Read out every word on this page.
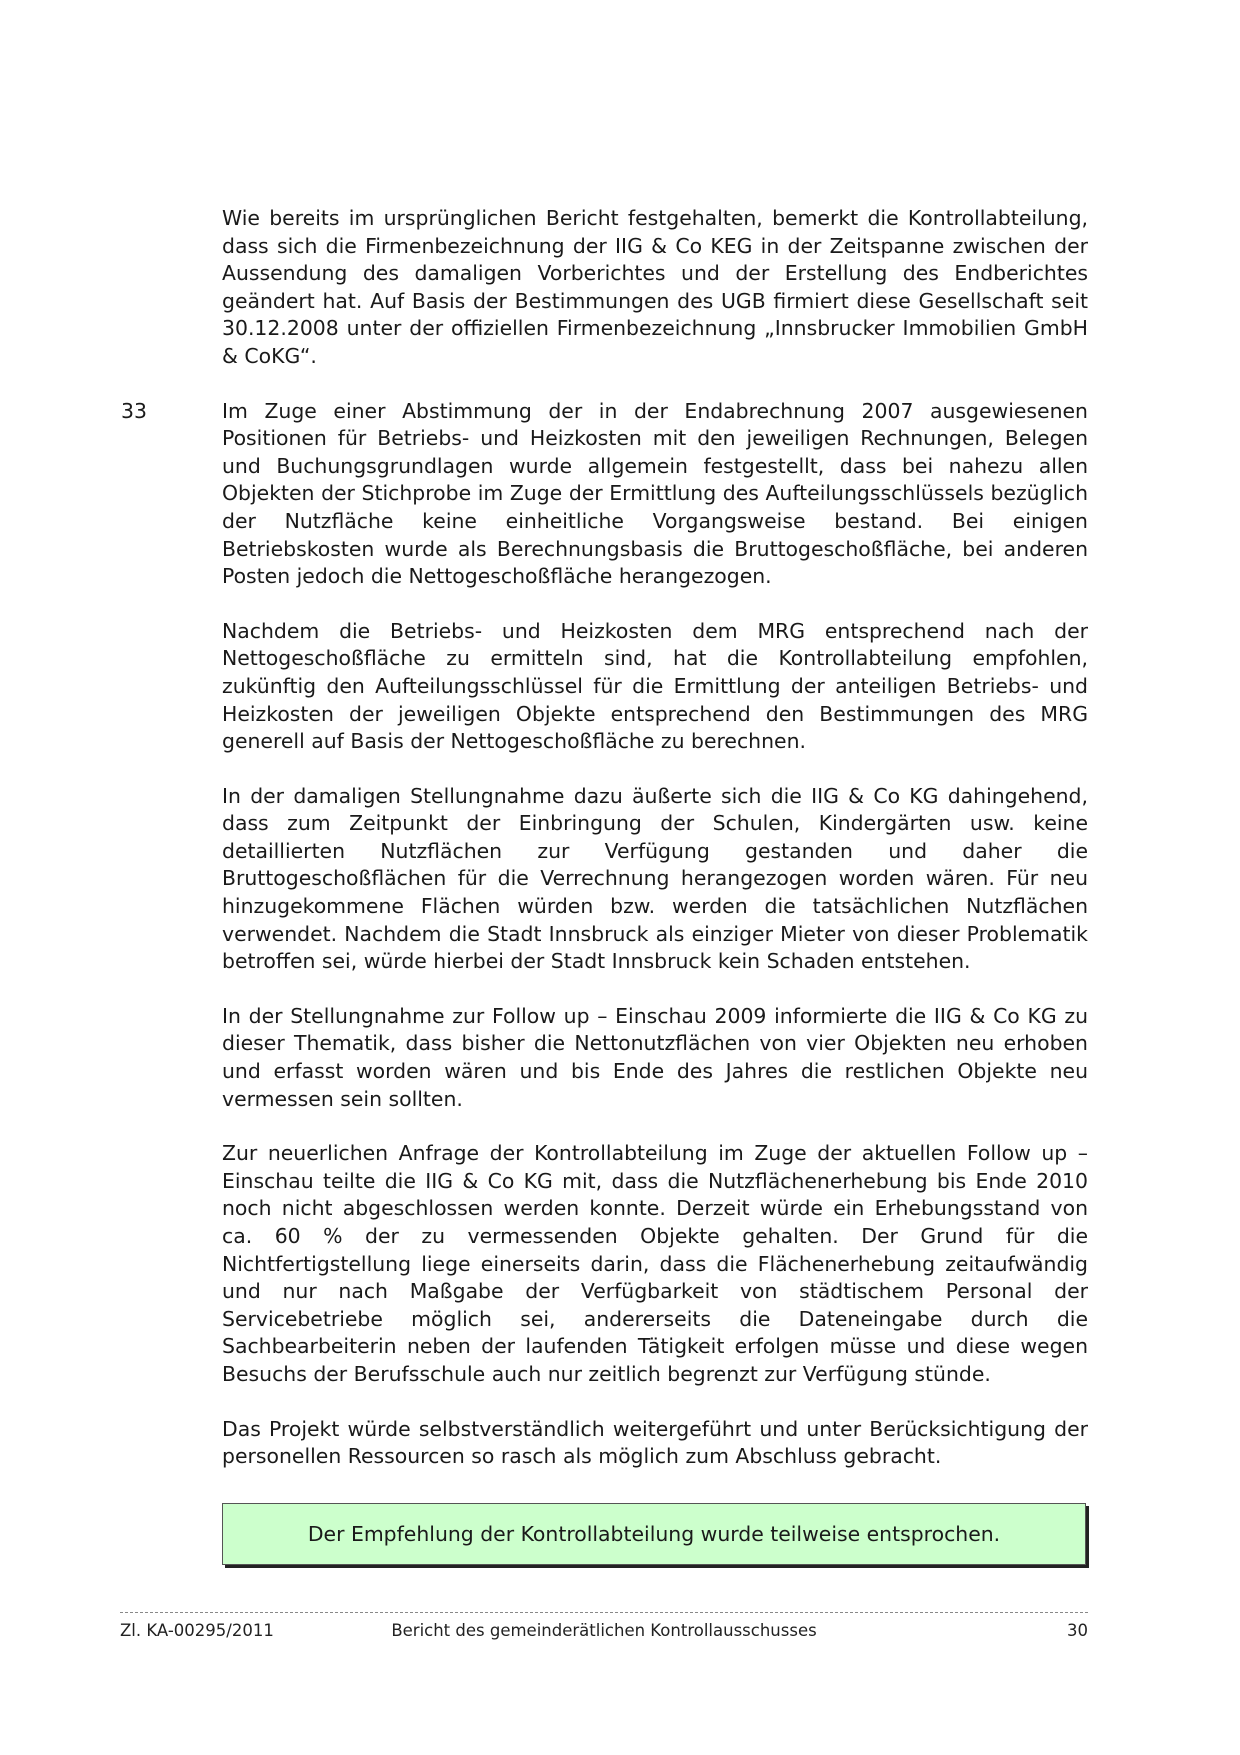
Wie bereits im ursprünglichen Bericht festgehalten, bemerkt die Kontrollabteilung, dass sich die Firmenbezeichnung der IIG & Co KEG in der Zeitspanne zwischen der Aussendung des damaligen Vorberichtes und der Erstellung des Endberichtes geändert hat. Auf Basis der Bestimmungen des UGB firmiert diese Gesellschaft seit 30.12.2008 unter der offiziellen Firmenbezeichnung „Innsbrucker Immobilien GmbH & CoKG“.

33	Im Zuge einer Abstimmung der in der Endabrechnung 2007 ausgewiesenen Positionen für Betriebs- und Heizkosten mit den jeweiligen Rechnungen, Belegen und Buchungsgrundlagen wurde allgemein festgestellt, dass bei nahezu allen Objekten der Stichprobe im Zuge der Ermittlung des Aufteilungsschlüssels bezüglich der Nutzfläche keine einheitliche Vorgangsweise bestand. Bei einigen Betriebskosten wurde als Berechnungsbasis die Bruttogeschoßfläche, bei anderen Posten jedoch die Nettogeschoßfläche herangezogen.

Nachdem die Betriebs- und Heizkosten dem MRG entsprechend nach der Nettogeschoßfläche zu ermitteln sind, hat die Kontrollabteilung empfohlen, zukünftig den Aufteilungsschlüssel für die Ermittlung der anteiligen Betriebs- und Heizkosten der jeweiligen Objekte entsprechend den Bestimmungen des MRG generell auf Basis der Nettogeschoßfläche zu berechnen.

In der damaligen Stellungnahme dazu äußerte sich die IIG & Co KG dahingehend, dass zum Zeitpunkt der Einbringung der Schulen, Kindergärten usw. keine detaillierten Nutzflächen zur Verfügung gestanden und daher die Bruttogeschoßflächen für die Verrechnung herangezogen worden wären. Für neu hinzugekommene Flächen würden bzw. werden die tatsächlichen Nutzflächen verwendet. Nachdem die Stadt Innsbruck als einziger Mieter von dieser Problematik betroffen sei, würde hierbei der Stadt Innsbruck kein Schaden entstehen.

In der Stellungnahme zur Follow up – Einschau 2009 informierte die IIG & Co KG zu dieser Thematik, dass bisher die Nettonutzflächen von vier Objekten neu erhoben und erfasst worden wären und bis Ende des Jahres die restlichen Objekte neu vermessen sein sollten.

Zur neuerlichen Anfrage der Kontrollabteilung im Zuge der aktuellen Follow up – Einschau teilte die IIG & Co KG mit, dass die Nutzflächenerhebung bis Ende 2010 noch nicht abgeschlossen werden konnte. Derzeit würde ein Erhebungsstand von ca. 60 % der zu vermessenden Objekte gehalten. Der Grund für die Nichtfertigstellung liege einerseits darin, dass die Flächenerhebung zeitaufwändig und nur nach Maßgabe der Verfügbarkeit von städtischem Personal der Servicebetriebe möglich sei, andererseits die Dateneingabe durch die Sachbearbeiterin neben der laufenden Tätigkeit erfolgen müsse und diese wegen Besuchs der Berufsschule auch nur zeitlich begrenzt zur Verfügung stünde.

Das Projekt würde selbstverständlich weitergeführt und unter Berücksichtigung der personellen Ressourcen so rasch als möglich zum Abschluss gebracht.

Der Empfehlung der Kontrollabteilung wurde teilweise entsprochen.
Bericht des gemeinderätlichen Kontrollausschusses
Zl. KA-00295/2011	30
